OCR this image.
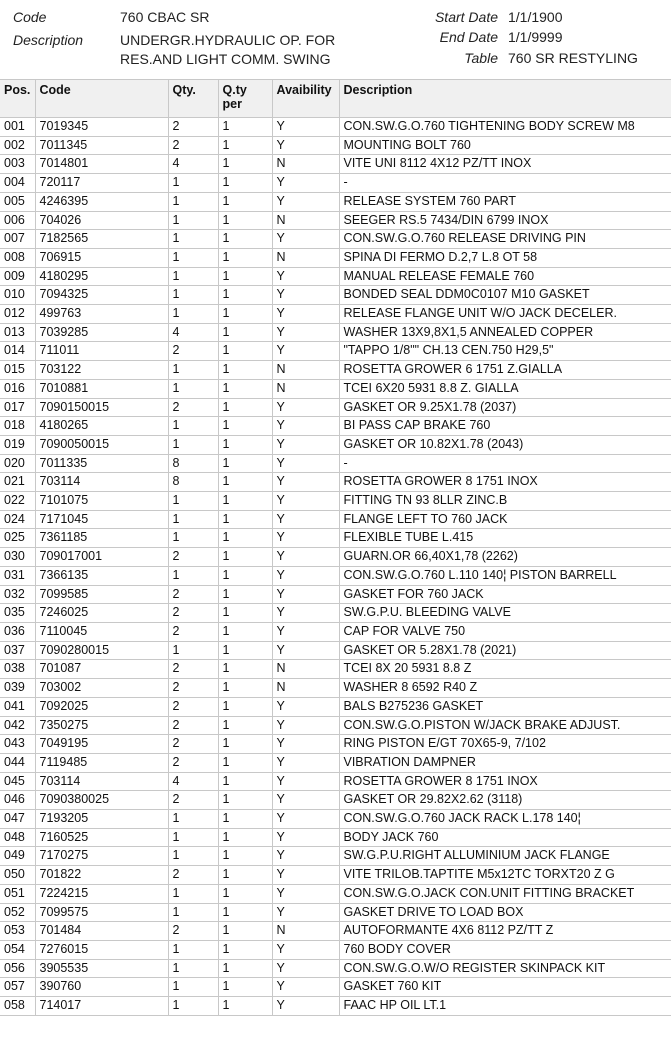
Code	760 CBAC SR
Description	UNDERGR.HYDRAULIC OP. FOR
RES.AND LIGHT COMM. SWING
Start Date 1/1/1900
End Date 1/1/9999
Table 760 SR RESTYLING
Pos.	Code	Qty.	Q.ty per	Avaibility	Description
001	7019345	2	1	Y	CON.SW.G.O.760 TIGHTENING BODY SCREW M8
002	7011345	2	1	Y	MOUNTING BOLT 760
003	7014801	4	1	N	VITE UNI 8112 4X12 PZ/TT INOX
004	720117	1	1	Y	-
005	4246395	1	1	Y	RELEASE SYSTEM 760 PART
006	704026	1	1	N	SEEGER RS.5 7434/DIN 6799 INOX
007	7182565	1	1	Y	CON.SW.G.O.760 RELEASE DRIVING PIN
008	706915	1	1	N	SPINA DI FERMO D.2,7 L.8 OT 58
009	4180295	1	1	Y	MANUAL RELEASE FEMALE 760
010	7094325	1	1	Y	BONDED SEAL DDM0C0107 M10 GASKET
012	499763	1	1	Y	RELEASE FLANGE UNIT W/O JACK DECELER.
013	7039285	4	1	Y	WASHER 13X9,8X1,5 ANNEALED COPPER
014	711011	2	1	Y	"TAPPO 1/8"" CH.13 CEN.750 H29,5"
015	703122	1	1	N	ROSETTA GROWER 6 1751 Z.GIALLA
016	7010881	1	1	N	TCEI 6X20 5931 8.8 Z. GIALLA
017	7090150015	2	1	Y	GASKET OR 9.25X1.78 (2037)
018	4180265	1	1	Y	BI PASS CAP BRAKE 760
019	7090050015	1	1	Y	GASKET OR 10.82X1.78 (2043)
020	7011335	8	1	Y	-
021	703114	8	1	Y	ROSETTA GROWER 8 1751 INOX
022	7101075	1	1	Y	FITTING TN 93 8LLR ZINC.B
024	7171045	1	1	Y	FLANGE LEFT TO 760 JACK
025	7361185	1	1	Y	FLEXIBLE TUBE L.415
030	709017001	2	1	Y	GUARN.OR 66,40X1,78 (2262)
031	7366135	1	1	Y	CON.SW.G.O.760 L.110 140¦ PISTON BARRELL
032	7099585	2	1	Y	GASKET FOR 760 JACK
035	7246025	2	1	Y	SW.G.P.U. BLEEDING VALVE
036	7110045	2	1	Y	CAP FOR VALVE 750
037	7090280015	1	1	Y	GASKET OR 5.28X1.78 (2021)
038	701087	2	1	N	TCEI 8X 20 5931 8.8 Z
039	703002	2	1	N	WASHER 8 6592 R40 Z
041	7092025	2	1	Y	BALS B275236 GASKET
042	7350275	2	1	Y	CON.SW.G.O.PISTON W/JACK BRAKE ADJUST.
043	7049195	2	1	Y	RING PISTON E/GT 70X65-9, 7/102
044	7119485	2	1	Y	VIBRATION DAMPNER
045	703114	4	1	Y	ROSETTA GROWER 8 1751 INOX
046	7090380025	2	1	Y	GASKET OR 29.82X2.62 (3118)
047	7193205	1	1	Y	CON.SW.G.O.760 JACK RACK L.178 140¦
048	7160525	1	1	Y	BODY JACK 760
049	7170275	1	1	Y	SW.G.P.U.RIGHT ALLUMINIUM JACK FLANGE
050	701822	2	1	Y	VITE TRILOB.TAPTITE M5x12TC TORXT20 Z G
051	7224215	1	1	Y	CON.SW.G.O.JACK CON.UNIT FITTING BRACKET
052	7099575	1	1	Y	GASKET DRIVE TO LOAD BOX
053	701484	2	1	N	AUTOFORMANTE 4X6 8112 PZ/TT Z
054	7276015	1	1	Y	760 BODY COVER
056	3905535	1	1	Y	CON.SW.G.O.W/O REGISTER SKINPACK KIT
057	390760	1	1	Y	GASKET 760 KIT
058	714017	1	1	Y	FAAC HP OIL LT.1
